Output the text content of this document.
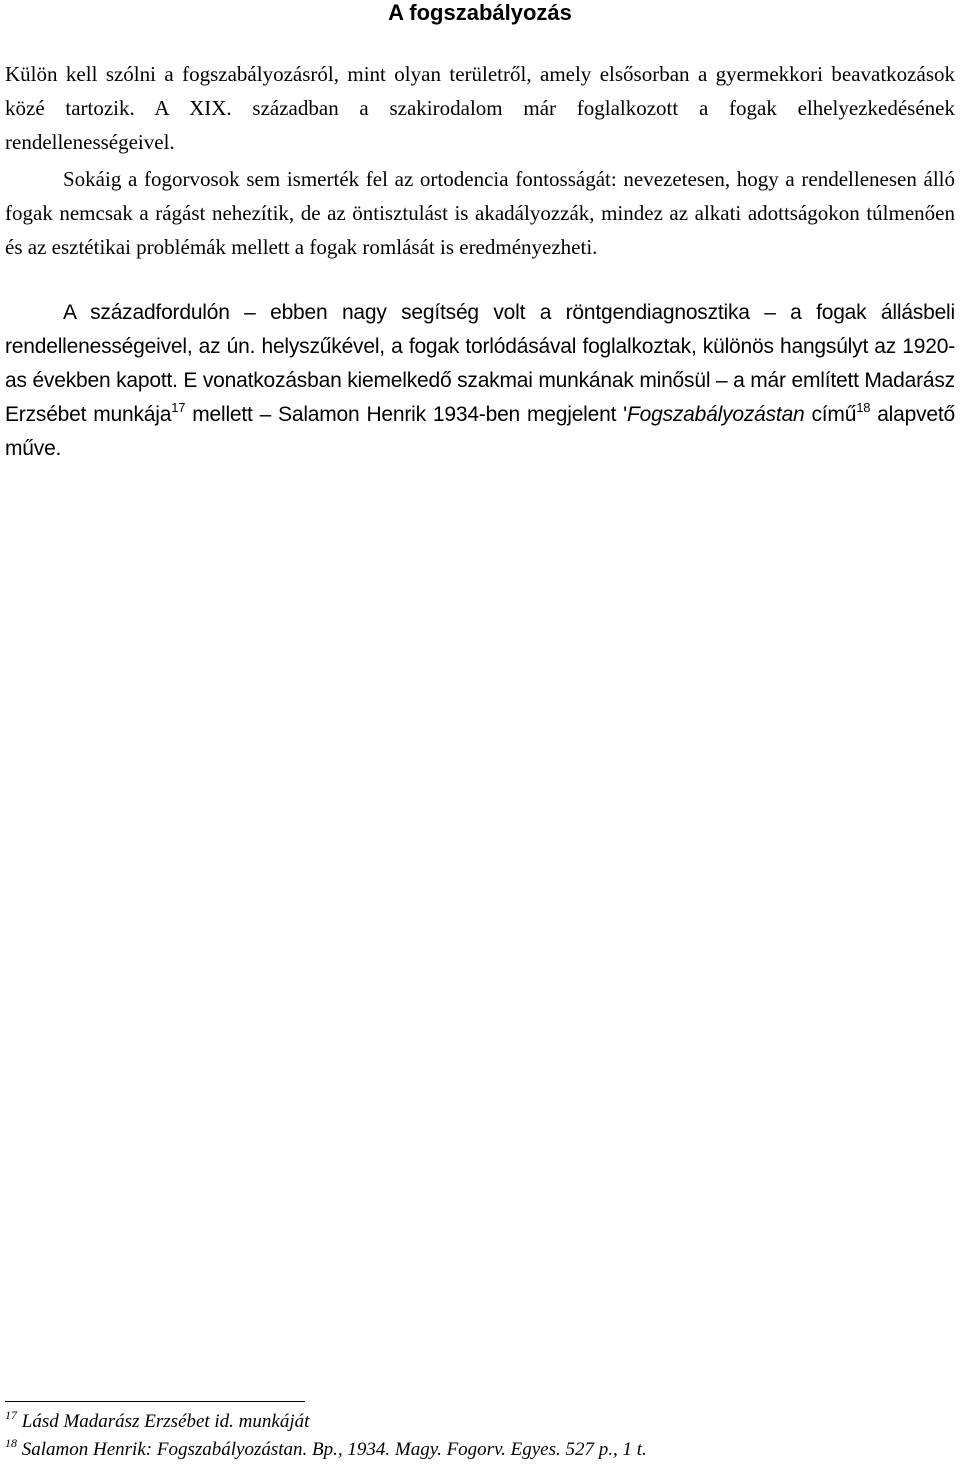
A fogszabályozás

Külön kell szólni a fogszabályozásról, mint olyan területről, amely elsősorban a gyermekkori beavatkozások közé tartozik. A XIX. században a szakirodalom már foglalkozott a fogak elhelyezkedésének rendellenességeivel.

Sokáig a fogorvosok sem ismerték fel az ortodencia fontosságát: nevezetesen, hogy a rendellenesen álló fogak nemcsak a rágást nehezítik, de az öntisztulást is akadályozzák, mindez az alkati adottságokon túlmenően és az esztétikai problémák mellett a fogak romlását is eredményezheti.

A századfordulón – ebben nagy segítség volt a röntgendiagnosztika – a fogak állásbeli rendellenességeivel, az ún. helyszűkével, a fogak torlódásával foglalkoztak, különös hangsúlyt az 1920-as években kapott. E vonatkozásban kiemelkedő szakmai munkának minősül – a már említett Madarász Erzsébet munkája$^{17}$ mellett – Salamon Henrik 1934-ben megjelent 'Fogszabályozástan című$^{18}$ alapvető műve.

$^{17}$ Lásd Madarász Erzsébet id. munkáját
$^{18}$ Salamon Henrik: Fogszabályozástan. Bp., 1934. Magy. Fogorv. Egyes. 527 p., 1 t.
